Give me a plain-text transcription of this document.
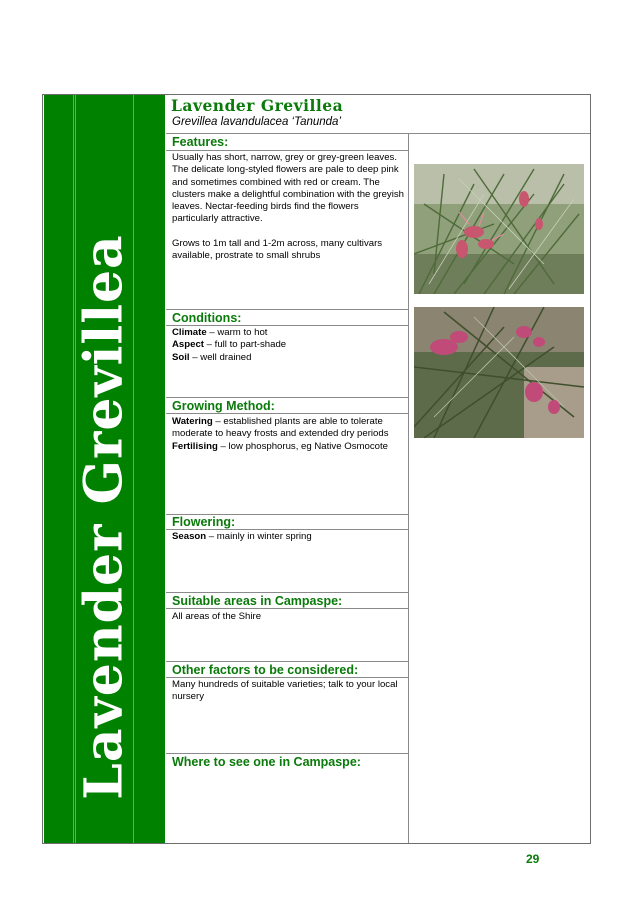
Lavender Grevillea
Lavender Grevillea
Grevillea lavandulacea ‘Tanunda’
Features:

Usually has short, narrow, grey or grey-green leaves. The delicate long-styled flowers are pale to deep pink and sometimes combined with red or cream. The clusters make a delightful combination with the greyish leaves. Nectar-feeding birds find the flowers particularly attractive.

Grows to 1m tall and 1-2m across, many cultivars available, prostrate to small shrubs

Conditions:

Climate – warm to hot

Aspect – full to part-shade

Soil – well drained

Growing Method:

Watering – established plants are able to tolerate moderate to heavy frosts and extended dry periods

Fertilising – low phosphorus, eg Native Osmocote

Flowering:

Season – mainly in winter spring

Suitable areas in Campaspe:

All areas of the Shire

Other factors to be considered:

Many hundreds of suitable varieties; talk to your local nursery

Where to see one in Campaspe:
29
